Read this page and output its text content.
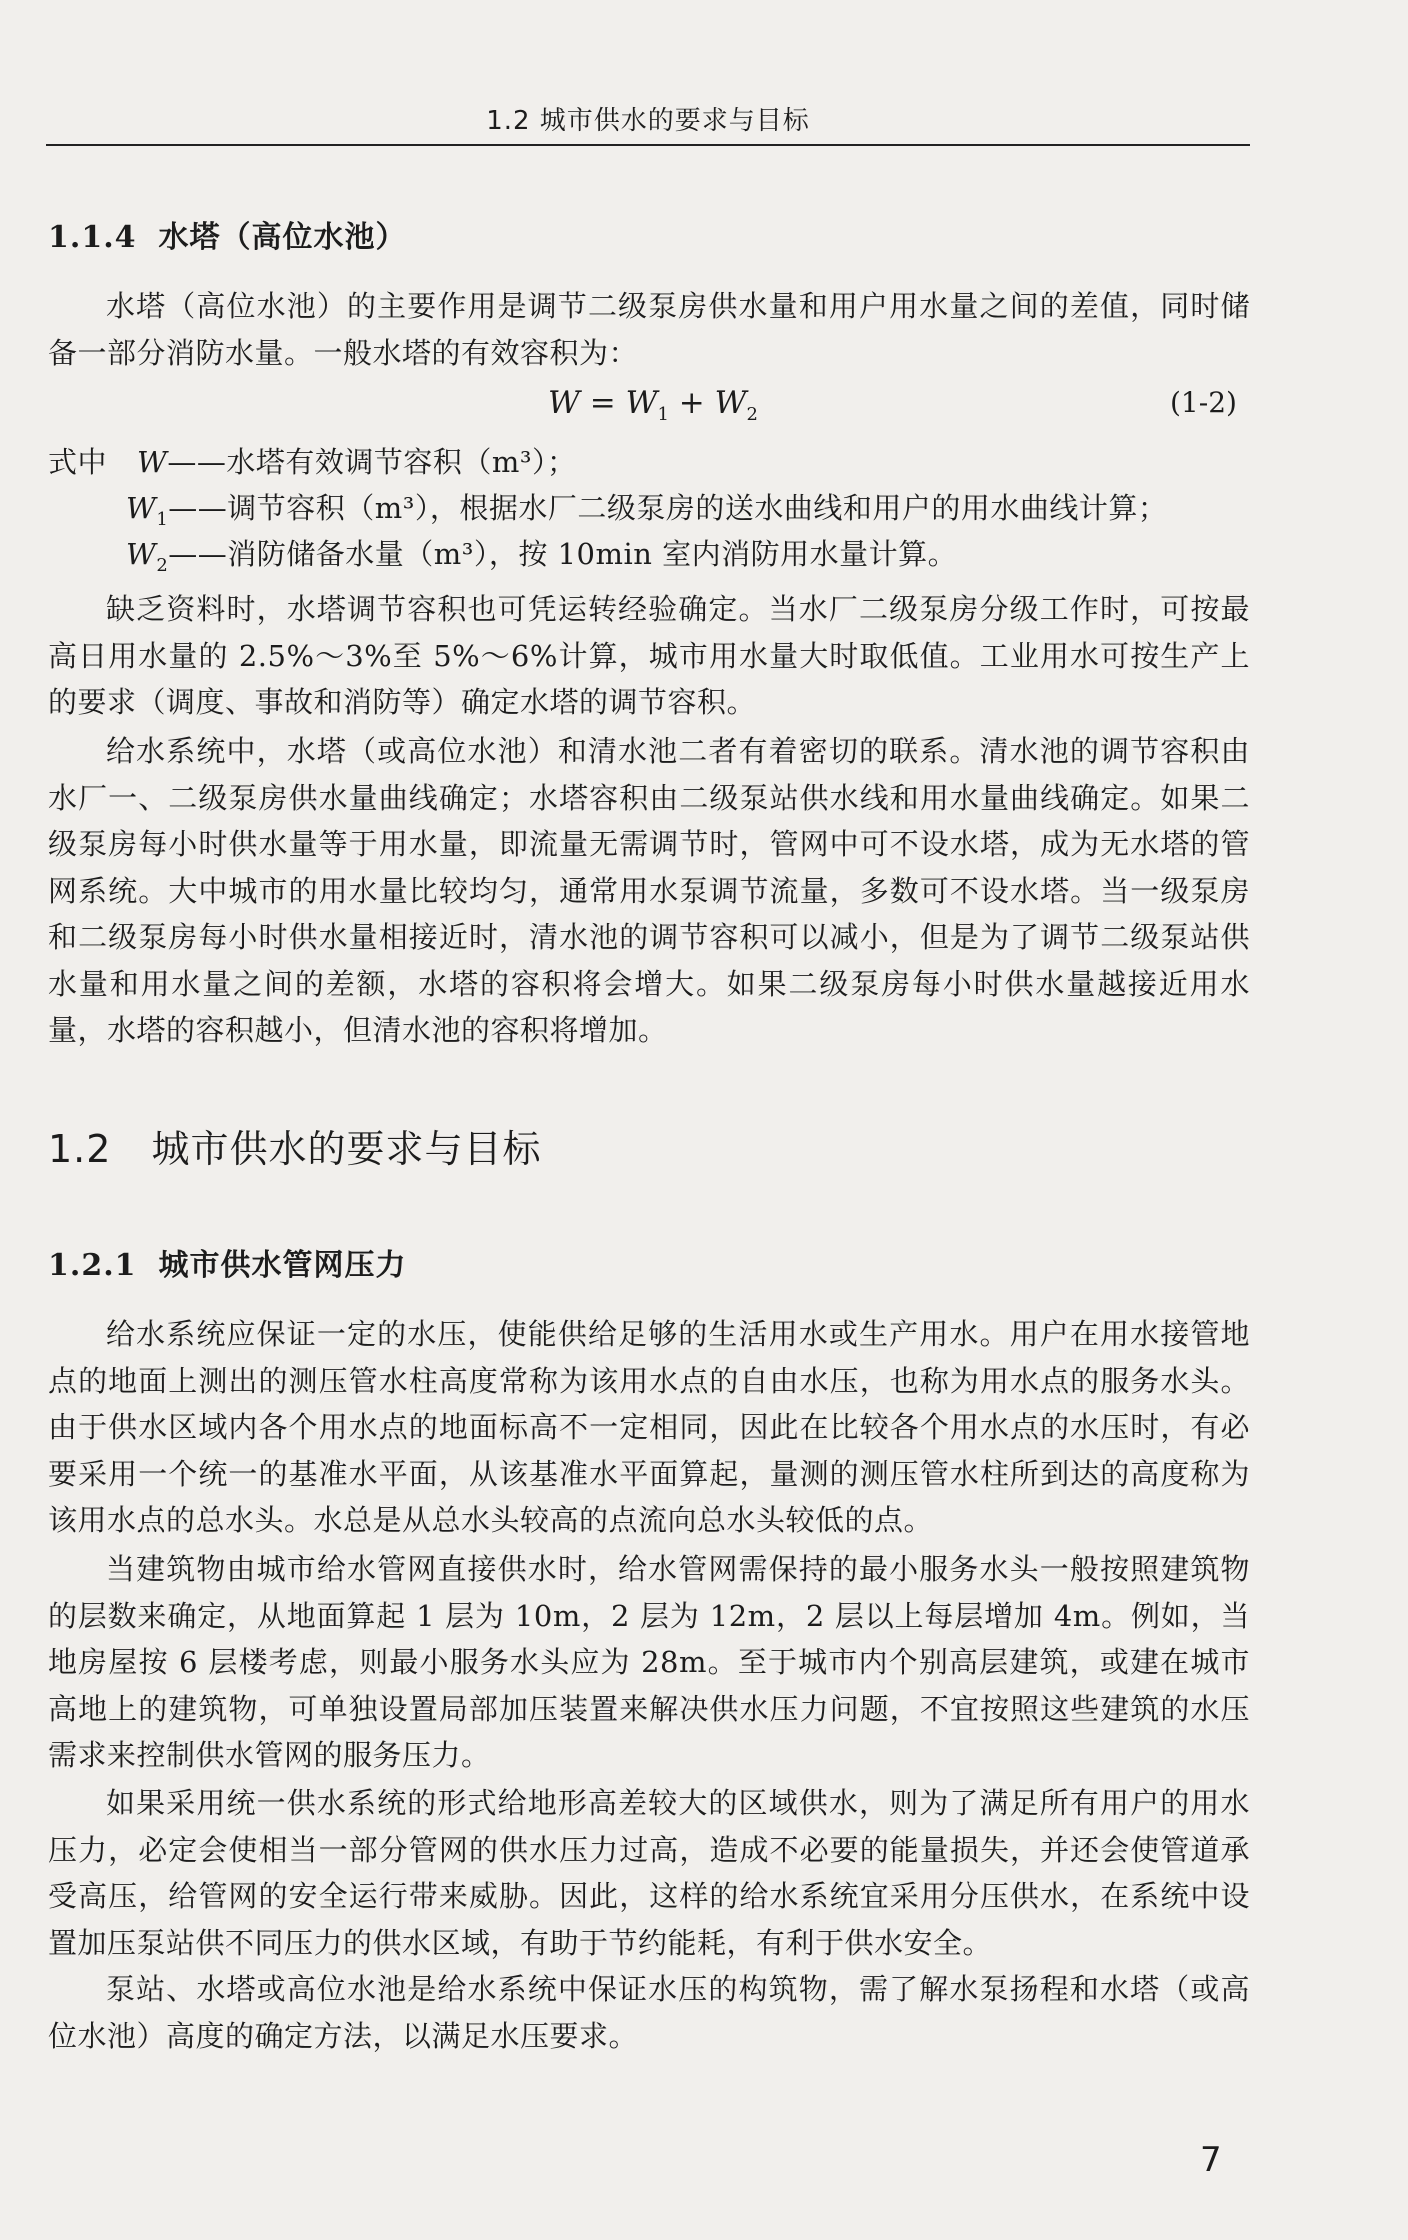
1.2 城市供水的要求与目标
1.1.4 水塔（高位水池）
水塔（高位水池）的主要作用是调节二级泵房供水量和用户用水量之间的差值，同时储备一部分消防水量。一般水塔的有效容积为：
$W = W_1 + W_2$	(1-2)
式中 W——水塔有效调节容积（m³）；
$W_1——$调节容积（m³），根据水厂二级泵房的送水曲线和用户的用水曲线计算；
$W_2——$消防储备水量（m³），按 10min 室内消防用水量计算。
缺乏资料时，水塔调节容积也可凭运转经验确定。当水厂二级泵房分级工作时，可按最高日用水量的 2.5%～3%至 5%～6%计算，城市用水量大时取低值。工业用水可按生产上的要求（调度、事故和消防等）确定水塔的调节容积。
给水系统中，水塔（或高位水池）和清水池二者有着密切的联系。清水池的调节容积由水厂一、二级泵房供水量曲线确定；水塔容积由二级泵站供水线和用水量曲线确定。如果二级泵房每小时供水量等于用水量，即流量无需调节时，管网中可不设水塔，成为无水塔的管网系统。大中城市的用水量比较均匀，通常用水泵调节流量，多数可不设水塔。当一级泵房和二级泵房每小时供水量相接近时，清水池的调节容积可以减小，但是为了调节二级泵站供水量和用水量之间的差额，水塔的容积将会增大。如果二级泵房每小时供水量越接近用水量，水塔的容积越小，但清水池的容积将增加。
1.2 城市供水的要求与目标
1.2.1 城市供水管网压力
给水系统应保证一定的水压，使能供给足够的生活用水或生产用水。用户在用水接管地点的地面上测出的测压管水柱高度常称为该用水点的自由水压，也称为用水点的服务水头。由于供水区域内各个用水点的地面标高不一定相同，因此在比较各个用水点的水压时，有必要采用一个统一的基准水平面，从该基准水平面算起，量测的测压管水柱所到达的高度称为该用水点的总水头。水总是从总水头较高的点流向总水头较低的点。
当建筑物由城市给水管网直接供水时，给水管网需保持的最小服务水头一般按照建筑物的层数来确定，从地面算起 1 层为 10m，2 层为 12m，2 层以上每层增加 4m。例如，当地房屋按 6 层楼考虑，则最小服务水头应为 28m。至于城市内个别高层建筑，或建在城市高地上的建筑物，可单独设置局部加压装置来解决供水压力问题，不宜按照这些建筑的水压需求来控制供水管网的服务压力。
如果采用统一供水系统的形式给地形高差较大的区域供水，则为了满足所有用户的用水压力，必定会使相当一部分管网的供水压力过高，造成不必要的能量损失，并还会使管道承受高压，给管网的安全运行带来威胁。因此，这样的给水系统宜采用分压供水，在系统中设置加压泵站供不同压力的供水区域，有助于节约能耗，有利于供水安全。
泵站、水塔或高位水池是给水系统中保证水压的构筑物，需了解水泵扬程和水塔（或高位水池）高度的确定方法，以满足水压要求。
7
